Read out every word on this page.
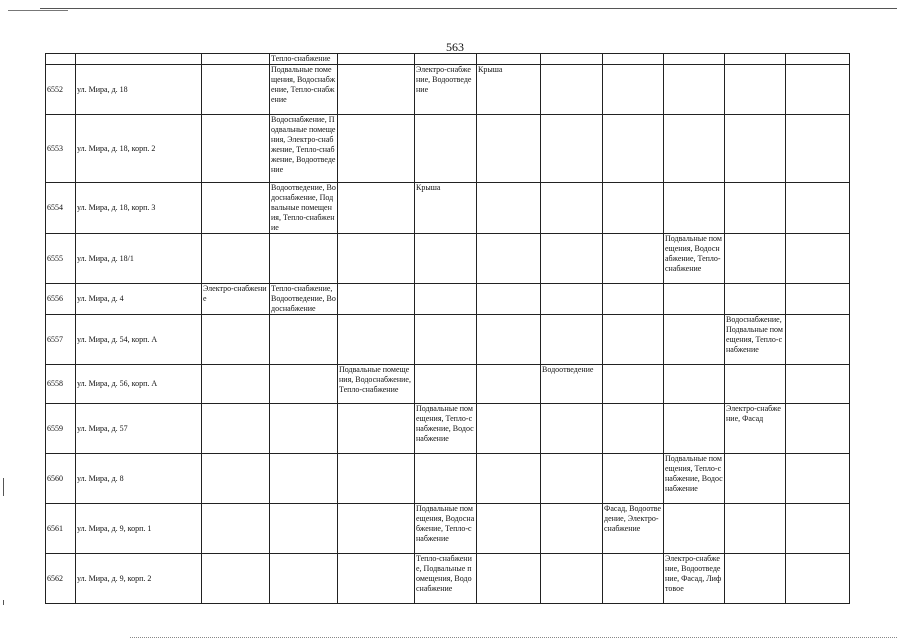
563
			Тепло-снабжение								
6552	ул. Мира, д. 18		Подвальные помещения, Водоснабжение, Тепло-снабжение		Электро-снабжение, Водоотведение	Крыша					
6553	ул. Мира, д. 18, корп. 2		Водоснабжение, Подвальные помещения, Электро-снабжение, Тепло-снабжение, Водоотведение								
6554	ул. Мира, д. 18, корп. 3		Водоотведение, Водоснабжение, Подвальные помещения, Тепло-снабжение		Крыша						
6555	ул. Мира, д. 18/1								Подвальные помещения, Водоснабжение, Тепло-снабжение		
6556	ул. Мира, д. 4	Электро-снабжение	Тепло-снабжение, Водоотведение, Водоснабжение								
6557	ул. Мира, д. 54, корп. А									Водоснабжение, Подвальные помещения, Тепло-снабжение	
6558	ул. Мира, д. 56, корп. А			Подвальные помещения, Водоснабжение, Тепло-снабжение			Водоотведение				
6559	ул. Мира, д. 57				Подвальные помещения, Тепло-снабжение, Водоснабжение					Электро-снабжение, Фасад	
6560	ул. Мира, д. 8								Подвальные помещения, Тепло-снабжение, Водоснабжение		
6561	ул. Мира, д. 9, корп. 1				Подвальные помещения, Водоснабжение, Тепло-снабжение			Фасад, Водоотведение, Электро-снабжение			
6562	ул. Мира, д. 9, корп. 2				Тепло-снабжение, Подвальные помещения, Водоснабжение				Электро-снабжение, Водоотведение, Фасад, Лифтовое		
